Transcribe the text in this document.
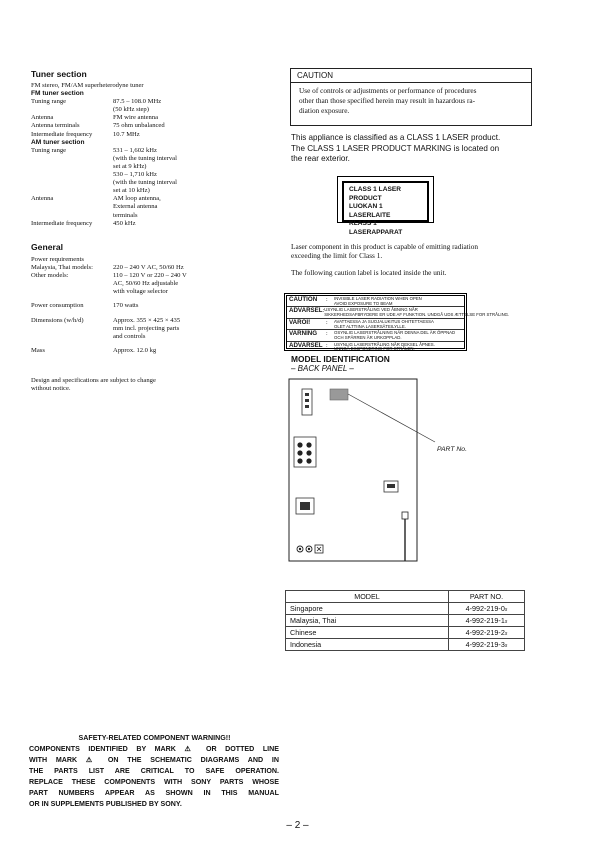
Tuner section
FM stereo, FM/AM superheterodyne tuner
FM tuner section
Tuning range	87.5 – 108.0 MHz
(50 kHz step)
Antenna	FM wire antenna
Antenna terminals	75 ohm unbalanced
Intermediate frequency	10.7 MHz
AM tuner section
Tuning range	531 – 1,602 kHz
(with the tuning interval
set at 9 kHz)
530 – 1,710 kHz
(with the tuning interval
set at 10 kHz)
Antenna	AM loop antenna,
External antenna
terminals
Intermediate frequency	450 kHz
General
Power requirements
Malaysia, Thai models:	220 – 240 V AC, 50/60 Hz
Other models:	110 – 120 V or 220 – 240 V
AC, 50/60 Hz adjustable
with voltage selector
Power consumption	170 watts
Dimensions (w/h/d)	Approx. 355 × 425 × 435
mm incl. projecting parts
and controls
Mass	Approx. 12.0 kg
Design and specifications are subject to change
without notice.
CAUTION
Use of controls or adjustments or performance of procedures
other than those specified herein may result in hazardous ra-
diation exposure.
This appliance is classified as a CLASS 1 LASER product.
The CLASS 1 LASER PRODUCT MARKING is located on
the rear exterior.
CLASS 1 LASER PRODUCT
LUOKAN 1 LASERLAITE
KLASS 1 LASERAPPARAT
Laser component in this product is capable of emitting radiation
exceeding the limit for Class 1.
The following caution label is located inside the unit.
CAUTION	:	INVISIBLE LASER RADIATION WHEN OPEN
AVOID EXPOSURE TO BEAM
ADVARSEL : USYNLIG LASERSTRÅLING VED ÅBNING NÅR
SIKKERHEDSAFBRYDERE ER UDE AF FUNKTION. UNDGÅ UDS ÆTTELSE FOR STRÅLING.
VAROI!	:	AVATTAESSA JA SUOJALUKITUS OHITETTAESSA
OLET ALTTIINA LASERSÄTEILYLLE.
VARNING	:	OSYNLIG LASERSTRÅLNING NÄR DENNA DEL ÄR ÖPPNAD
OCH SPÄRREN ÄR URKOPPLAD.
ADVARSEL :	USYNLIG LASERSTRÅLING NÅR DEKSEL ÅPNES.
UNNGÅ EKSPONERING FOR STRÅLEN.
MODEL IDENTIFICATION
– BACK PANEL –
PART No.
MODEL	PART NO.
Singapore	4-992-219-0s
Malaysia, Thai	4-992-219-1s
Chinese	4-992-219-2s
Indonesia	4-992-219-3s
SAFETY-RELATED COMPONENT WARNING!!
COMPONENTS IDENTIFIED BY MARK ⚠ OR DOTTED LINE
WITH MARK ⚠ ON THE SCHEMATIC DIAGRAMS AND IN
THE PARTS LIST ARE CRITICAL TO SAFE OPERATION.
REPLACE THESE COMPONENTS WITH SONY PARTS WHOSE
PART NUMBERS APPEAR AS SHOWN IN THIS MANUAL
OR IN SUPPLEMENTS PUBLISHED BY SONY.
– 2 –
